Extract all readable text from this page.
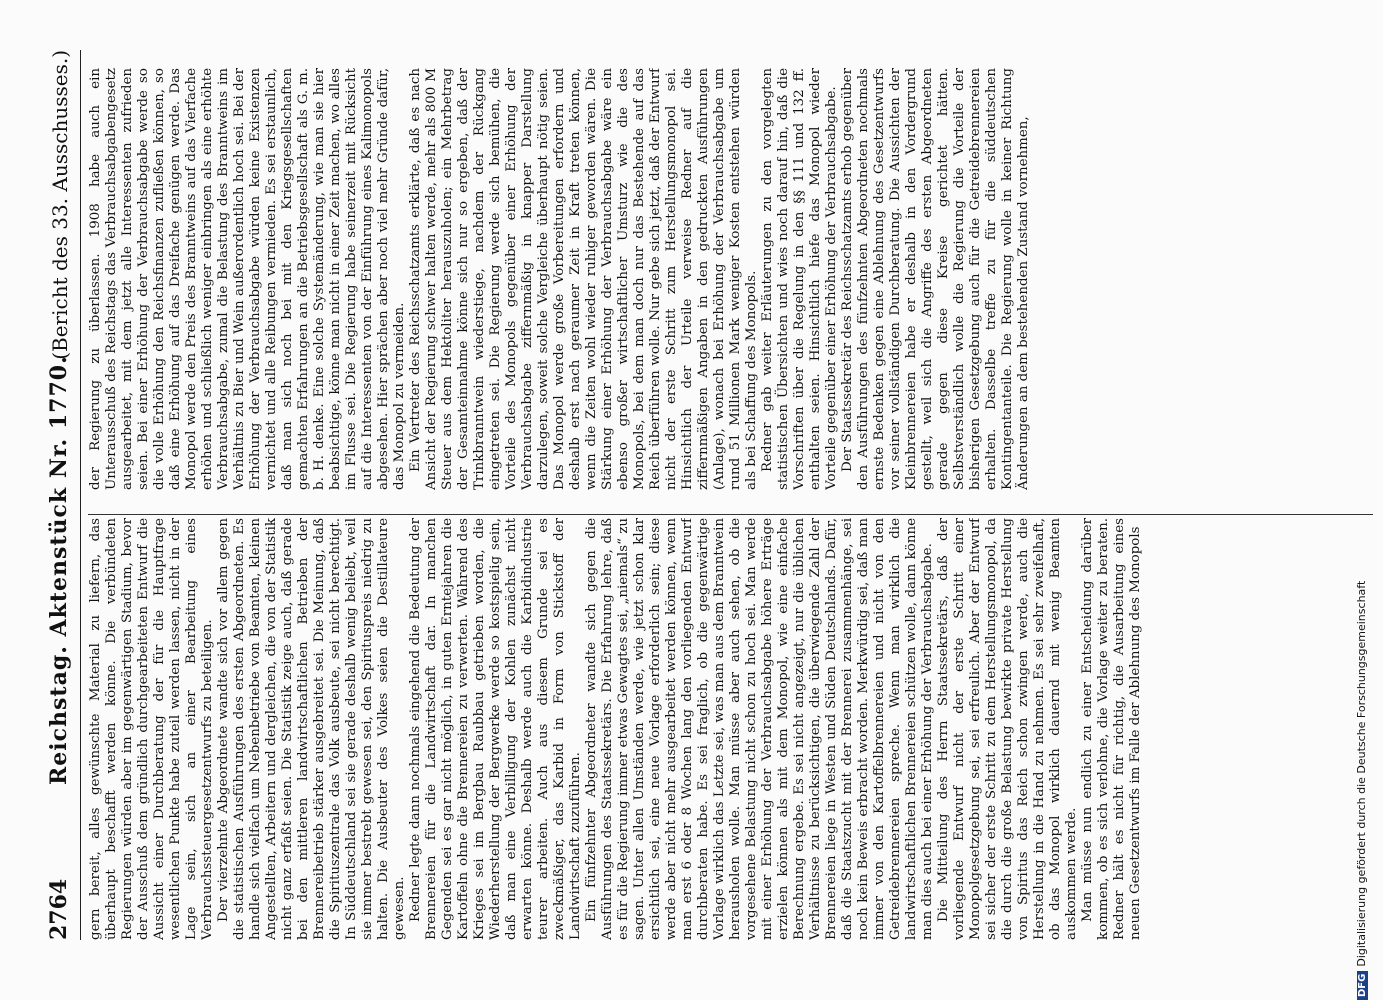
2764
Reichstag. Aktenstück Nr. 1770.
(Bericht des 33. Ausschusses.)

gern bereit, alles gewünschte Material zu liefern, das überhaupt beschafft werden könne. Die verbündeten Regierungen würden aber im gegenwärtigen Stadium, bevor der Ausschuß dem gründlich durchgearbeiteten Entwurf die Aussicht einer Durchberatung der für die Hauptfrage wesentlichen Punkte habe zuteil werden lassen, nicht in der Lage sein, sich an einer Bearbeitung eines Verbrauchssteuergesetzentwurfs zu beteiligen. Der vierzehnte Abgeordnete wandte sich vor allem gegen die statistischen Ausführungen des ersten Abgeordneten. Es handle sich vielfach um Nebenbetriebe von Beamten, kleinen Angestellten, Arbeitern und dergleichen, die von der Statistik nicht ganz erfaßt seien. Die Statistik zeige auch, daß gerade bei den mittleren landwirtschaftlichen Betrieben der Brennereibetrieb stärker ausgebreitet sei. Die Meinung, daß die Spirituszentrale das Volk ausbeute, sei nicht berechtigt. In Süddeutschland sei sie gerade deshalb wenig beliebt, weil sie immer bestrebt gewesen sei, den Spirituspreis niedrig zu halten. Die Ausbeuter des Volkes seien die Destillateure gewesen. Redner legte dann nochmals eingehend die Bedeutung der Brennereien für die Landwirtschaft dar. In manchen Gegenden sei es gar nicht möglich, in guten Erntejahren die Kartoffeln ohne die Brennereien zu verwerten. Während des Krieges sei im Bergbau Raubbau getrieben worden, die Wiederherstellung der Bergwerke werde so kostspielig sein, daß man eine Verbilligung der Kohlen zunächst nicht erwarten könne. Deshalb werde auch die Karbidindustrie teurer arbeiten. Auch aus diesem Grunde sei es zweckmäßiger, das Karbid in Form von Stickstoff der Landwirtschaft zuzuführen. Ein fünfzehnter Abgeordneter wandte sich gegen die Ausführungen des Staatssekretärs. Die Erfahrung lehre, daß es für die Regierung immer etwas Gewagtes sei, „niemals“ zu sagen. Unter allen Umständen werde, wie jetzt schon klar ersichtlich sei, eine neue Vorlage erforderlich sein; diese werde aber nicht mehr ausgearbeitet werden können, wenn man erst 6 oder 8 Wochen lang den vorliegenden Entwurf durchberaten habe. Es sei fraglich, ob die gegenwärtige Vorlage wirklich das Letzte sei, was man aus dem Branntwein herausholen wolle. Man müsse aber auch sehen, ob die vorgesehene Belastung nicht schon zu hoch sei. Man werde mit einer Erhöhung der Verbrauchsabgabe höhere Erträge erzielen können als mit dem Monopol, wie eine einfache Berechnung ergebe. Es sei nicht angezeigt, nur die üblichen Verhältnisse zu berücksichtigen, die überwiegende Zahl der Brennereien liege in Westen und Süden Deutschlands. Dafür, daß die Staatszucht mit der Brennerei zusammenhänge, sei noch kein Beweis erbracht worden. Merkwürdig sei, daß man immer von den Kartoffelbrennereien und nicht von den Getreidebrennereien spreche. Wenn man wirklich die landwirtschaftlichen Brennereien schützen wolle, dann könne man dies auch bei einer Erhöhung der Verbrauchsabgabe. Die Mitteilung des Herrn Staatssekretärs, daß der vorliegende Entwurf nicht der erste Schritt einer Monopolgesetzgebung sei, sei erfreulich. Aber der Entwurf sei sicher der erste Schritt zu dem Herstellungsmonopol, da die durch die große Belastung bewirkte private Herstellung von Spiritus das Reich schon zwingen werde, auch die Herstellung in die Hand zu nehmen. Es sei sehr zweifelhaft, ob das Monopol wirklich dauernd mit wenig Beamten auskommen werde. Man müsse nun endlich zu einer Entscheidung darüber kommen, ob es sich verlohne, die Vorlage weiter zu beraten. Redner hält es nicht für richtig, die Ausarbeitung eines neuen Gesetzentwurfs im Falle der Ablehnung des Monopols

der Regierung zu überlassen. 1908 habe auch ein Unterausschuß des Reichstags das Verbrauchsabgabengesetz ausgearbeitet, mit dem jetzt alle Interessenten zufrieden seien. Bei einer Erhöhung der Verbrauchsabgabe werde so die volle Erhöhung den Reichsfinanzen zufließen können, so daß eine Erhöhung auf das Dreifache genügen werde. Das Monopol werde den Preis des Branntweins auf das Vierfache erhöhen und schließlich weniger einbringen als eine erhöhte Verbrauchsabgabe, zumal die Belastung des Branntweins im Verhältnis zu Bier und Wein außerordentlich hoch sei. Bei der Erhöhung der Verbrauchsabgabe würden keine Existenzen vernichtet und alle Reibungen vermieden. Es sei erstaunlich, daß man sich noch bei mit den Kriegsgesellschaften gemachten Erfahrungen an die Betriebsgesellschaft als G. m. b. H. denke. Eine solche Systemänderung, wie man sie hier beabsichtige, könne man nicht in einer Zeit machen, wo alles im Flusse sei. Die Regierung habe seinerzeit mit Rücksicht auf die Interessenten von der Einführung eines Kalimonopols abgesehen. Hier sprächen aber noch viel mehr Gründe dafür, das Monopol zu vermeiden. Ein Vertreter des Reichsschatzamts erklärte, daß es nach Ansicht der Regierung schwer halten werde, mehr als 800 M Steuer aus dem Hektoliter herauszuholen; ein Mehrbetrag der Gesamteinnahme könne sich nur so ergeben, daß der Trinkbranntwein wiederstiege, nachdem der Rückgang eingetreten sei. Die Regierung werde sich bemühen, die Vorteile des Monopols gegenüber einer Erhöhung der Verbrauchsabgabe ziffernmäßig in knapper Darstellung darzulegen, soweit solche Vergleiche überhaupt nötig seien. Das Monopol werde große Vorbereitungen erfordern und deshalb erst nach geraumer Zeit in Kraft treten können, wenn die Zeiten wohl wieder ruhiger geworden wären. Die Stärkung einer Erhöhung der Verbrauchsabgabe wäre ein ebenso großer wirtschaftlicher Umsturz wie die des Monopols, bei dem man doch nur das Bestehende auf das Reich überführen wolle. Nur gebe sich jetzt, daß der Entwurf nicht der erste Schritt zum Herstellungsmonopol sei. Hinsichtlich der Urteile verweise Redner auf die ziffernmäßigen Angaben in den gedruckten Ausführungen (Anlage), wonach bei Erhöhung der Verbrauchsabgabe um rund 51 Millionen Mark weniger Kosten entstehen würden als bei Schaffung des Monopols. Redner gab weiter Erläuterungen zu den vorgelegten statistischen Übersichten und wies noch darauf hin, daß die Vorschriften über die Regelung in den §§ 111 und 132 ff. enthalten seien. Hinsichtlich hiefe das Monopol wieder Vorteile gegenüber einer Erhöhung der Verbrauchsabgabe. Der Staatssekretär des Reichsschatzamts erhob gegenüber den Ausführungen des fünfzehnten Abgeordneten nochmals ernste Bedenken gegen eine Ablehnung des Gesetzentwurfs vor seiner vollständigen Durchberatung. Die Aussichten der Kleinbrennereien habe er deshalb in den Vordergrund gestellt, weil sich die Angriffe des ersten Abgeordneten gerade gegen diese Kreise gerichtet hätten. Selbstverständlich wolle die Regierung die Vorteile der bisherigen Gesetzgebung auch für die Getreidebrennereien erhalten. Dasselbe treffe zu für die süddeutschen Kontingentanteile. Die Regierung wolle in keiner Richtung Änderungen an dem bestehenden Zustand vornehmen,

DFGDigitalisierung gefördert durch die Deutsche Forschungsgemeinschaft
